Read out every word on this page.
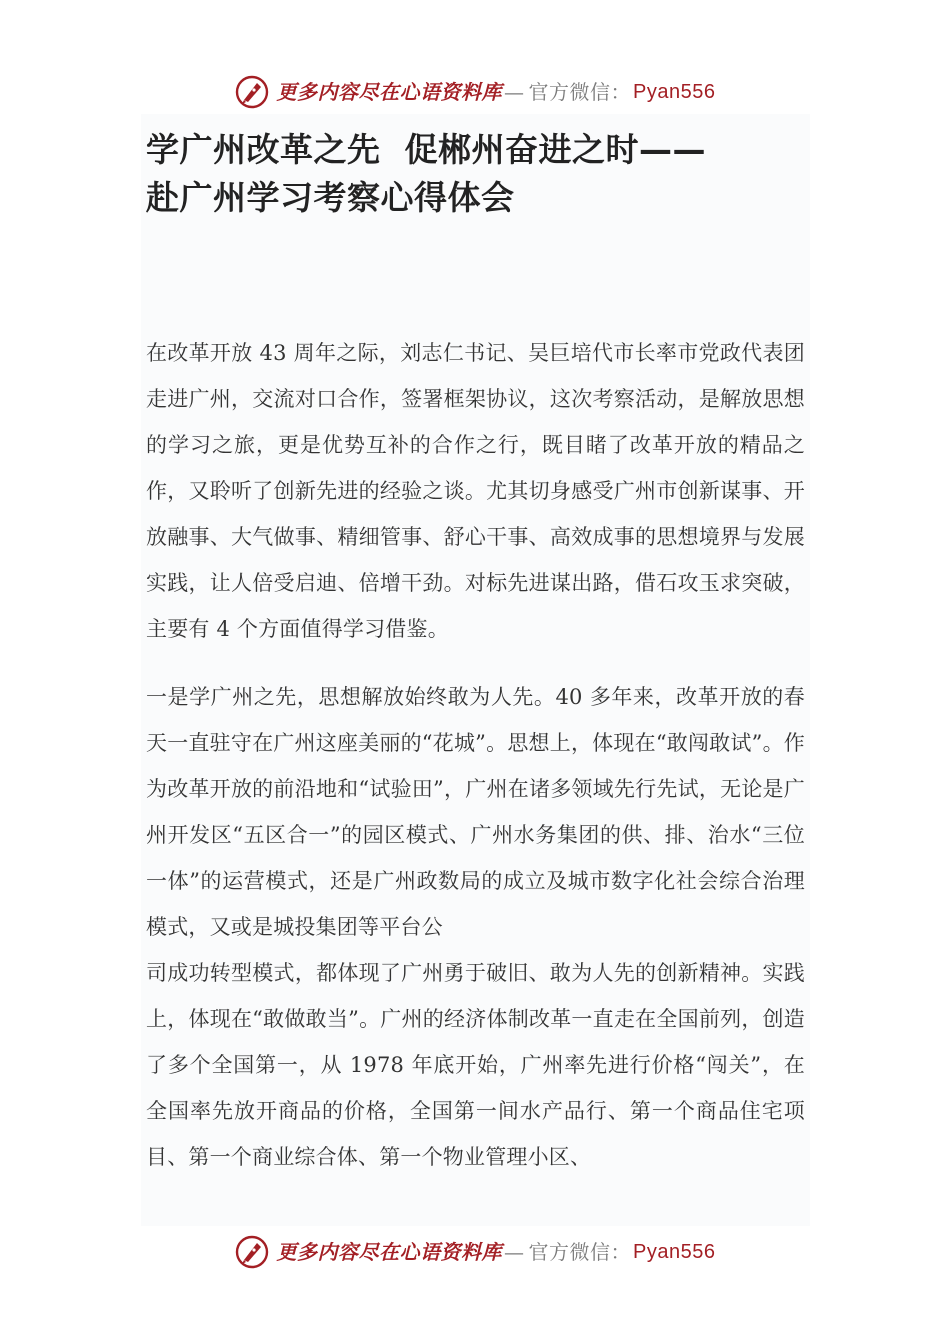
更多内容尽在心语资料库 — 官方微信： Pyan556
学广州改革之先  促郴州奋进之时——
赴广州学习考察心得体会

在改革开放 43 周年之际，刘志仁书记、吴巨培代市长率市党政代表团走进广州，交流对口合作，签署框架协议，这次考察活动，是解放思想的学习之旅，更是优势互补的合作之行，既目睹了改革开放的精品之作，又聆听了创新先进的经验之谈。尤其切身感受广州市创新谋事、开放融事、大气做事、精细管事、舒心干事、高效成事的思想境界与发展实践，让人倍受启迪、倍增干劲。对标先进谋出路，借石攻玉求突破，主要有 4 个方面值得学习借鉴。

一是学广州之先，思想解放始终敢为人先。40 多年来，改革开放的春天一直驻守在广州这座美丽的“花城”。思想上，体现在“敢闯敢试”。作为改革开放的前沿地和“试验田”，广州在诸多领域先行先试，无论是广州开发区“五区合一”的园区模式、广州水务集团的供、排、治水“三位一体”的运营模式，还是广州政数局的成立及城市数字化社会综合治理模式，又或是城投集团等平台公

司成功转型模式，都体现了广州勇于破旧、敢为人先的创新精神。实践上，体现在“敢做敢当”。广州的经济体制改革一直走在全国前列，创造了多个全国第一，从 1978 年底开始，广州率先进行价格“闯关”，在全国率先放开商品的价格，全国第一间水产品行、第一个商品住宅项目、第一个商业综合体、第一个物业管理小区、

更多内容尽在心语资料库 — 官方微信： Pyan556
